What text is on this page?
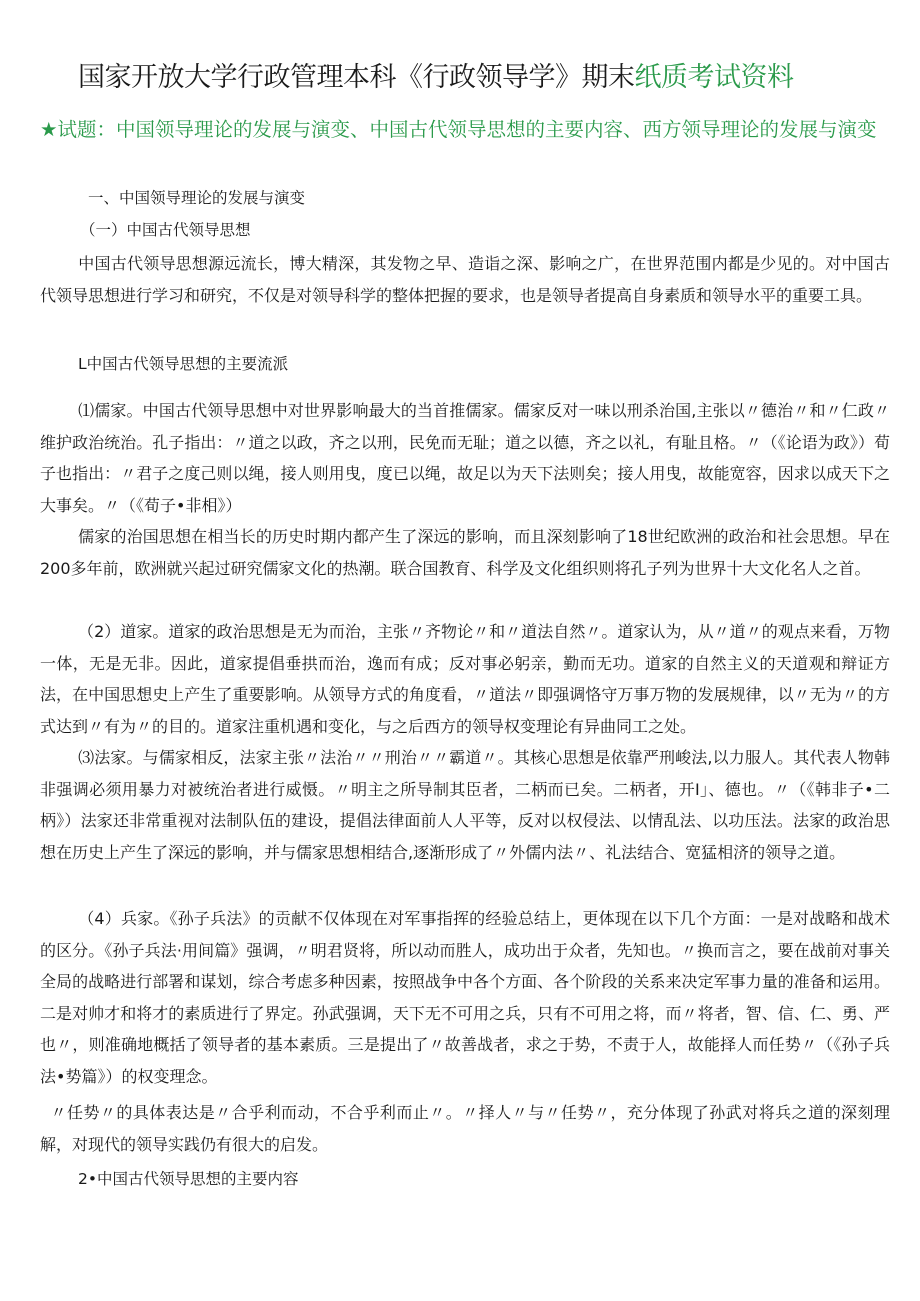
国家开放大学行政管理本科《行政领导学》期末纸质考试资料
★试题：中国领导理论的发展与演变、中国古代领导思想的主要内容、西方领导理论的发展与演变
一、中国领导理论的发展与演变
（一）中国古代领导思想
中国古代领导思想源远流长，博大精深，其发物之早、造诣之深、影响之广，在世界范围内都是少见的。对中国古代领导思想进行学习和研究，不仅是对领导科学的整体把握的要求，也是领导者提高自身素质和领导水平的重要工具。
L中国古代领导思想的主要流派
⑴儒家。中国古代领导思想中对世界影响最大的当首推儒家。儒家反对一味以刑杀治国,主张以〃德治〃和〃仁政〃维护政治统治。孔子指出：〃道之以政，齐之以刑，民免而无耻；道之以德，齐之以礼，有耻且格。〃（《论语为政》）荀子也指出：〃君子之度己则以绳，接人则用曳，度已以绳，故足以为天下法则矣；接人用曳，故能宽容，因求以成天下之大事矣。〃（《荀子•非相》）
儒家的治国思想在相当长的历史时期内都产生了深远的影响，而且深刻影响了18世纪欧洲的政治和社会思想。早在200多年前，欧洲就兴起过研究儒家文化的热潮。联合国教育、科学及文化组织则将孔子列为世界十大文化名人之首。
（2）道家。道家的政治思想是无为而治，主张〃齐物论〃和〃道法自然〃。道家认为，从〃道〃的观点来看，万物一体，无是无非。因此，道家提倡垂拱而治，逸而有成；反对事必躬亲，勤而无功。道家的自然主义的天道观和辩证方法，在中国思想史上产生了重要影响。从领导方式的角度看，〃道法〃即强调恪守万事万物的发展规律，以〃无为〃的方式达到〃有为〃的目的。道家注重机遇和变化，与之后西方的领导权变理论有异曲同工之处。
⑶法家。与儒家相反，法家主张〃法治〃〃刑治〃〃霸道〃。其核心思想是依靠严刑峻法,以力服人。其代表人物韩非强调必须用暴力对被统治者进行威慑。〃明主之所导制其臣者，二柄而已矣。二柄者，开I」、德也。〃（《韩非子•二柄》）法家还非常重视对法制队伍的建设，提倡法律面前人人平等，反对以权侵法、以情乱法、以功压法。法家的政治思想在历史上产生了深远的影响，并与儒家思想相结合,逐渐形成了〃外儒内法〃、礼法结合、宽猛相济的领导之道。
（4）兵家。《孙子兵法》的贡献不仅体现在对军事指挥的经验总结上，更体现在以下几个方面：一是对战略和战术的区分。《孙子兵法·用间篇》强调，〃明君贤将，所以动而胜人，成功出于众者，先知也。〃换而言之，要在战前对事关全局的战略进行部署和谋划，综合考虑多种因素，按照战争中各个方面、各个阶段的关系来决定军事力量的准备和运用。二是对帅才和将才的素质进行了界定。孙武强调，天下无不可用之兵，只有不可用之将，而〃将者，智、信、仁、勇、严也〃，则准确地概括了领导者的基本素质。三是提出了〃故善战者，求之于势，不责于人，故能择人而任势〃（《孙子兵法•势篇》）的权变理念。
〃任势〃的具体表达是〃合乎利而动，不合乎利而止〃。〃择人〃与〃任势〃，充分体现了孙武对将兵之道的深刻理解，对现代的领导实践仍有很大的启发。
2•中国古代领导思想的主要内容
